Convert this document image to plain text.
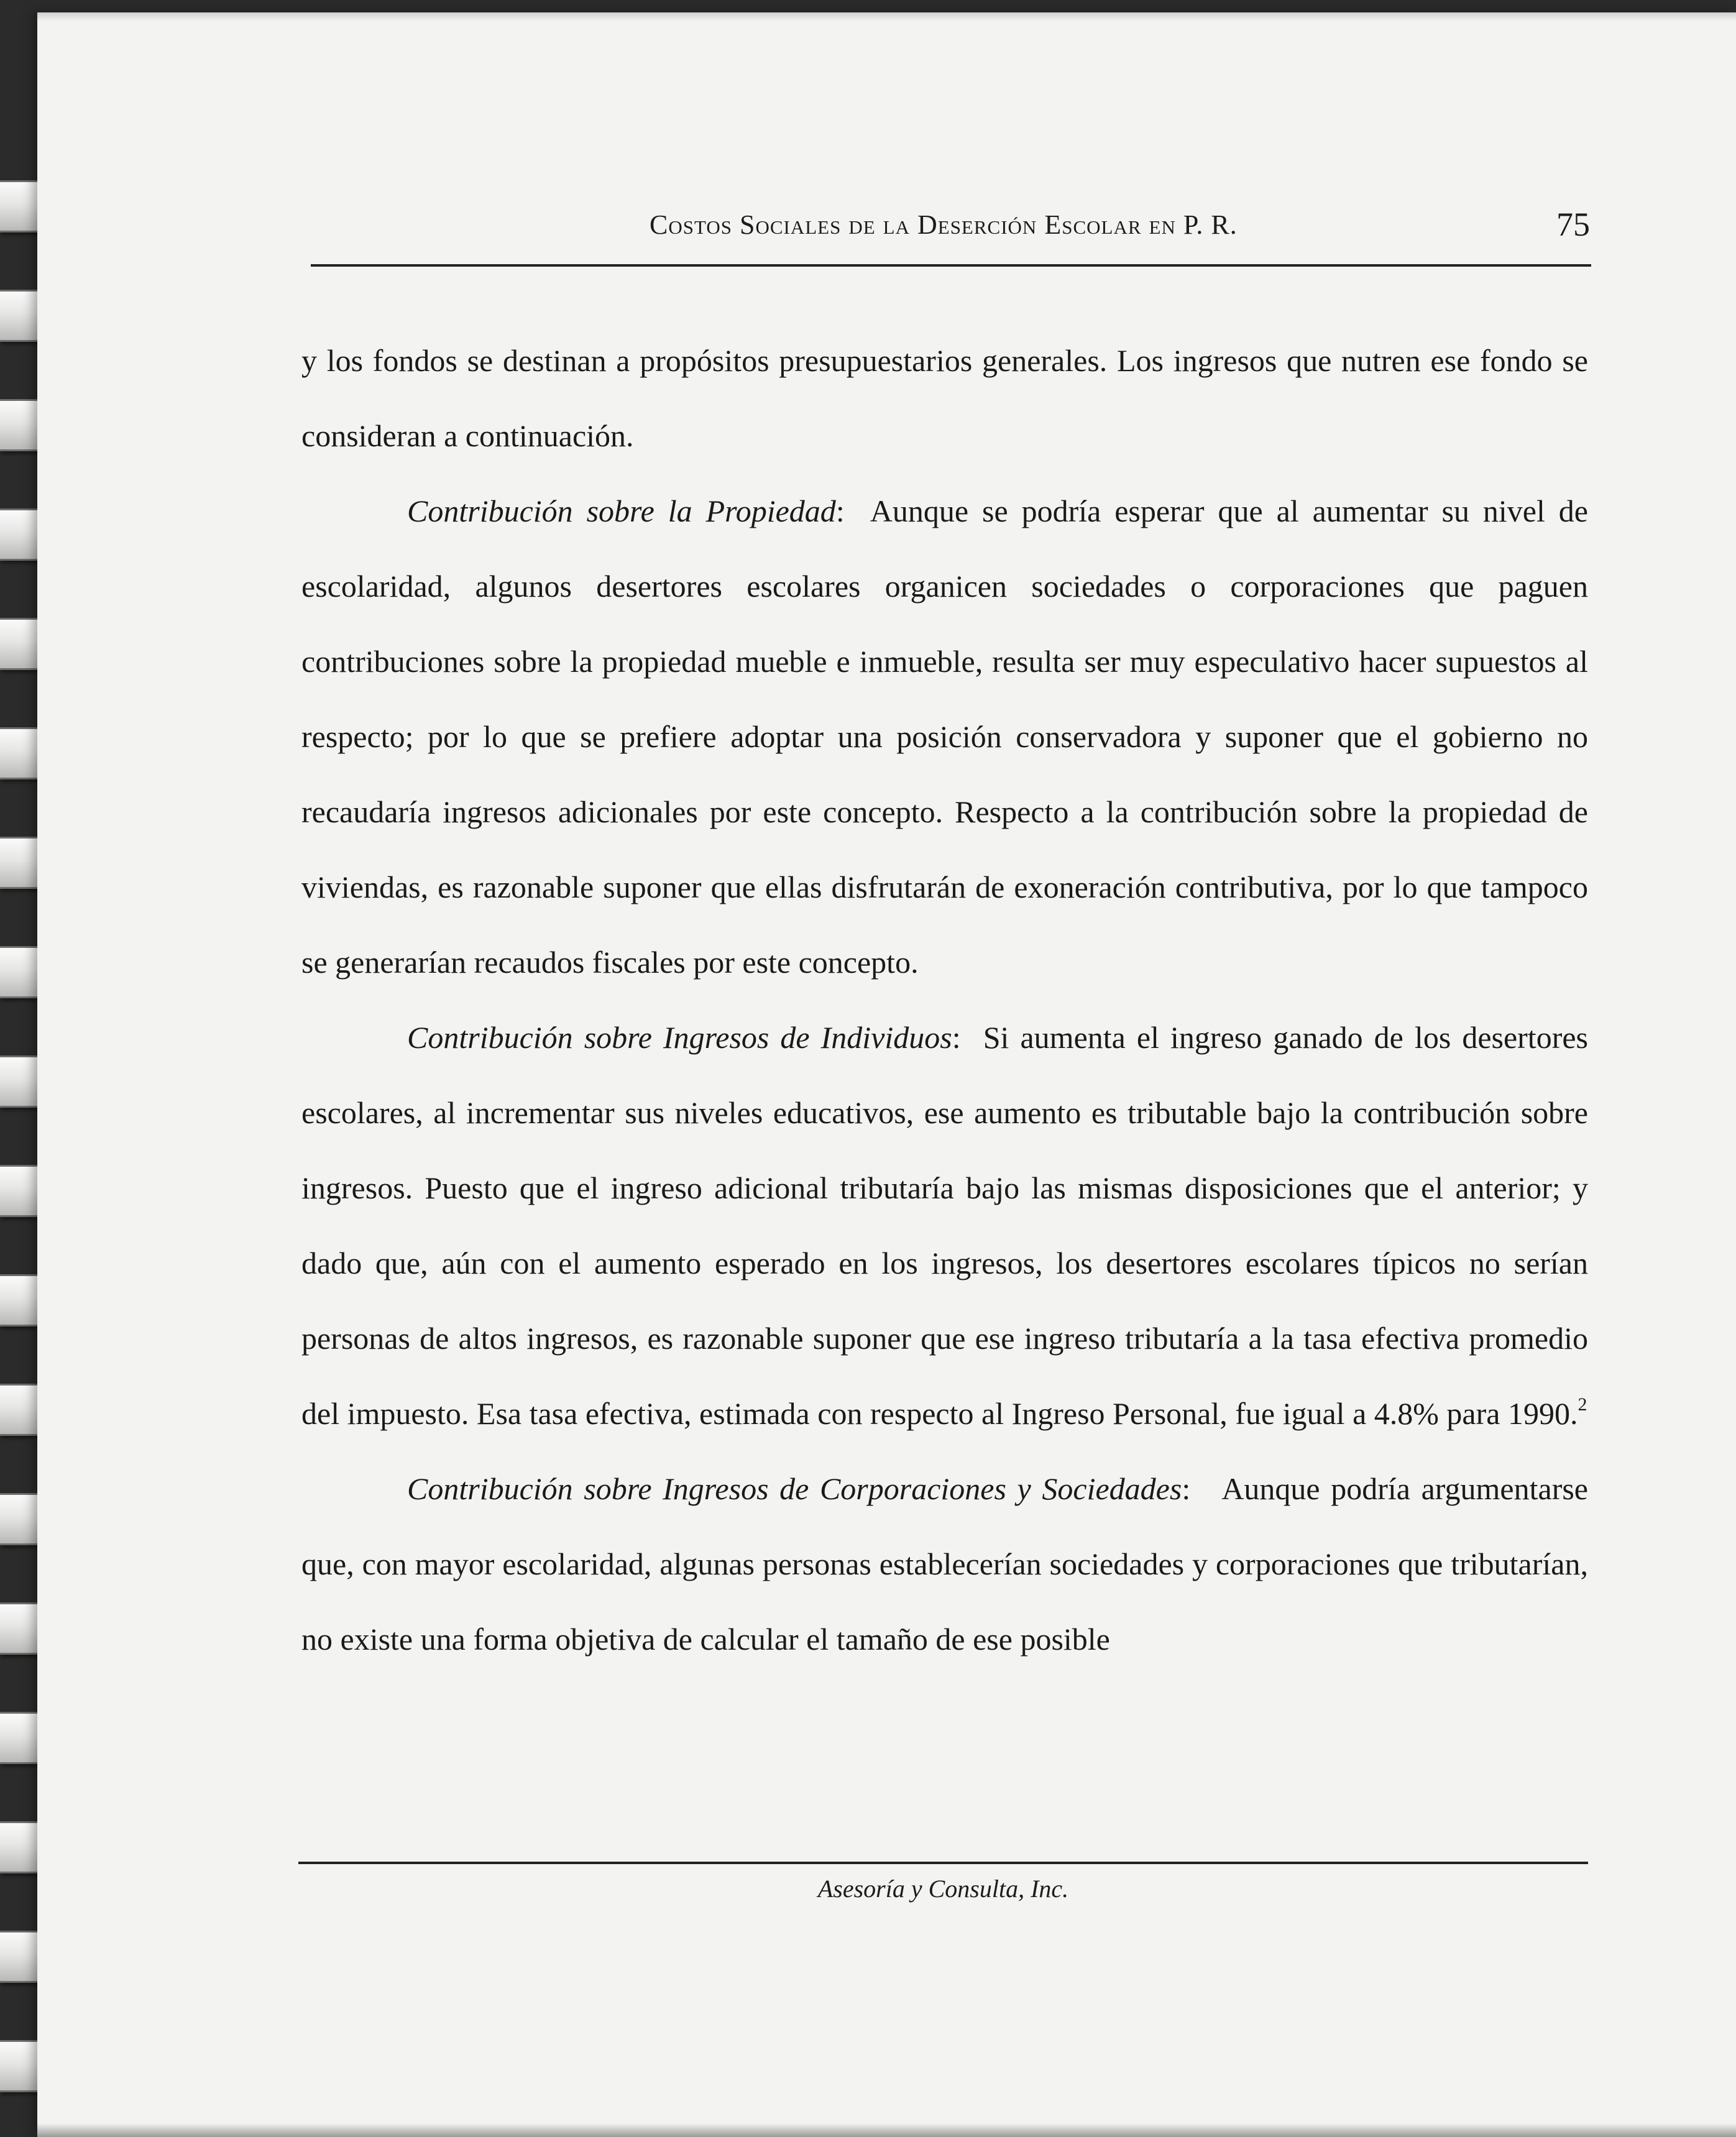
Costos Sociales de la Deserción Escolar en P. R.	75

y los fondos se destinan a propósitos presupuestarios generales. Los ingresos que nutren ese fondo se consideran a continuación.

Contribución sobre la Propiedad: Aunque se podría esperar que al aumentar su nivel de escolaridad, algunos desertores escolares organicen sociedades o corporaciones que paguen contribuciones sobre la propiedad mueble e inmueble, resulta ser muy especulativo hacer supuestos al respecto; por lo que se prefiere adoptar una posición conservadora y suponer que el gobierno no recaudaría ingresos adicionales por este concepto. Respecto a la contribución sobre la propiedad de viviendas, es razonable suponer que ellas disfrutarán de exoneración contributiva, por lo que tampoco se generarían recaudos fiscales por este concepto.

Contribución sobre Ingresos de Individuos: Si aumenta el ingreso ganado de los desertores escolares, al incrementar sus niveles educativos, ese aumento es tributable bajo la contribución sobre ingresos. Puesto que el ingreso adicional tributaría bajo las mismas disposiciones que el anterior; y dado que, aún con el aumento esperado en los ingresos, los desertores escolares típicos no serían personas de altos ingresos, es razonable suponer que ese ingreso tributaría a la tasa efectiva promedio del impuesto. Esa tasa efectiva, estimada con respecto al Ingreso Personal, fue igual a 4.8% para 1990.$^2$

Contribución sobre Ingresos de Corporaciones y Sociedades: Aunque podría argumentarse que, con mayor escolaridad, algunas personas establecerían sociedades y corporaciones que tributarían, no existe una forma objetiva de calcular el tamaño de ese posible

Asesoría y Consulta, Inc.
